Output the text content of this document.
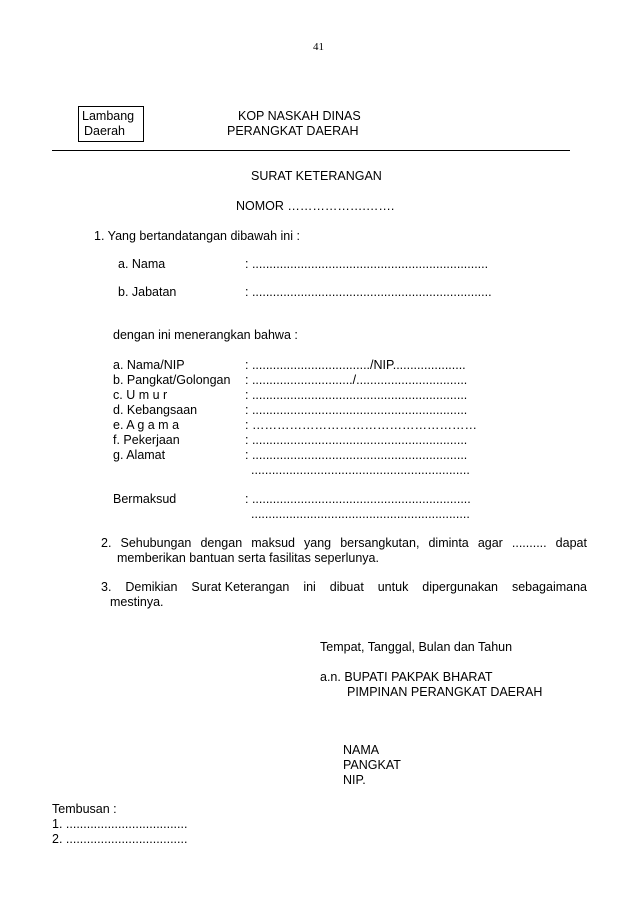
41
Lambang
Daerah
KOP NASKAH DINAS
PERANGKAT DAERAH
SURAT KETERANGAN
NOMOR ……………….…….
1. Yang bertandatangan dibawah ini :
a. Nama	: ....................................................................
b. Jabatan	: .....................................................................
dengan ini menerangkan bahwa :
a. Nama/NIP	: ................................../NIP.....................
b. Pangkat/Golongan : ............................./................................
c. U m u r	: ..............................................................
d. Kebangsaan	: ..............................................................
e. A g a m a	: ………………………………………………
f. Pekerjaan	: ..............................................................
g. Alamat	: ..............................................................
...............................................................
Bermaksud	: ...............................................................
...............................................................
2. Sehubungan dengan maksud yang bersangkutan, diminta agar .......... dapat
memberikan bantuan serta fasilitas seperlunya.
3. Demikian Surat Keterangan ini dibuat untuk dipergunakan sebagaimana
mestinya.
Tempat, Tanggal, Bulan dan Tahun
a.n. BUPATI PAKPAK BHARAT
PIMPINAN PERANGKAT DAERAH
NAMA
PANGKAT
NIP.
Tembusan :
1. ...................................
2. ...................................
